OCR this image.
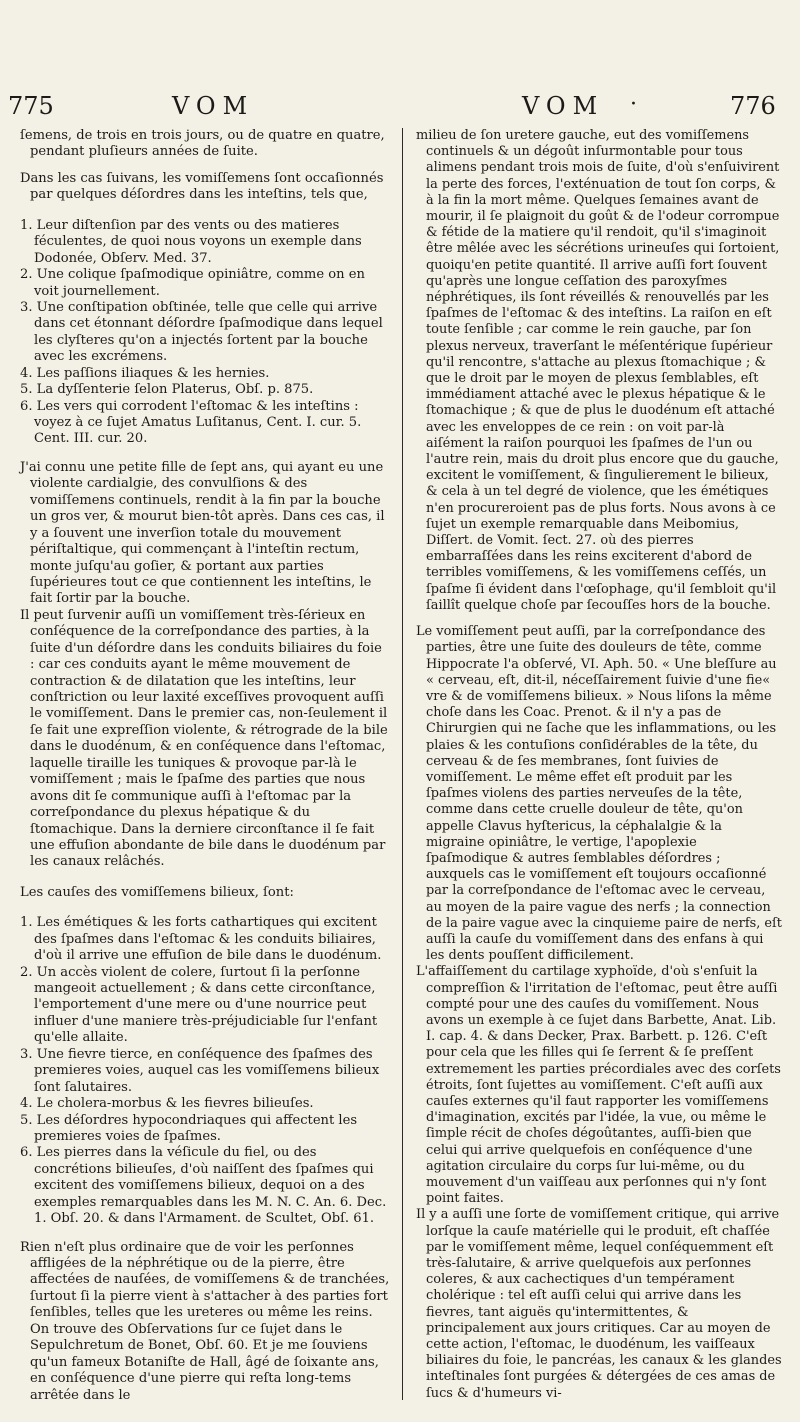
775	VOM	VOM ·	776

ſemens, de trois en trois jours, ou de quatre en quatre, pendant pluſieurs années de ſuite.

Dans les cas ſuivans, les vomiſſemens ſont occaſionnés par quelques déſordres dans les inteſtins, tels que,

1. Leur diſtenſion par des vents ou des matieres féculentes, de quoi nous voyons un exemple dans Dodonée, Obſerv. Med. 37.

2. Une colique ſpaſmodique opiniâtre, comme on en voit journellement.

3. Une conſtipation obſtinée, telle que celle qui arrive dans cet étonnant déſordre ſpaſmodique dans lequel les clyſteres qu'on a injectés ſortent par la bouche avec les excrémens.

4. Les paſſions iliaques & les hernies.

5. La dyſſenterie ſelon Platerus, Obſ. p. 875.

6. Les vers qui corrodent l'eſtomac & les inteſtins : voyez à ce ſujet Amatus Luſitanus, Cent. I. cur. 5. Cent. III. cur. 20.

J'ai connu une petite fille de ſept ans, qui ayant eu une violente cardialgie, des convulſions & des vomiſſemens continuels, rendit à la fin par la bouche un gros ver, & mourut bien-tôt après. Dans ces cas, il y a ſouvent une inverſion totale du mouvement périſtaltique, qui commençant à l'inteſtin rectum, monte juſqu'au goſier, & portant aux parties ſupérieures tout ce que contiennent les inteſtins, le fait ſortir par la bouche.

Il peut ſurvenir auſſi un vomiſſement très-ſérieux en conſéquence de la correſpondance des parties, à la ſuite d'un déſordre dans les conduits biliaires du foie : car ces conduits ayant le même mouvement de contraction & de dilatation que les inteſtins, leur conſtriction ou leur laxité exceſſives provoquent auſſi le vomiſſement. Dans le premier cas, non-ſeulement il ſe fait une expreſſion violente, & rétrograde de la bile dans le duodénum, & en conſéquence dans l'eſtomac, laquelle tiraille les tuniques & provoque par-là le vomiſſement ; mais le ſpaſme des parties que nous avons dit ſe communique auſſi à l'eſtomac par la correſpondance du plexus hépatique & du ſtomachique. Dans la derniere circonſtance il ſe fait une effuſion abondante de bile dans le duodénum par les canaux relâchés.

Les cauſes des vomiſſemens bilieux, ſont:

1. Les émétiques & les forts cathartiques qui excitent des ſpaſmes dans l'eſtomac & les conduits biliaires, d'où il arrive une effuſion de bile dans le duodénum.

2. Un accès violent de colere, ſurtout ſi la perſonne mangeoit actuellement ; & dans cette circonſtance, l'emportement d'une mere ou d'une nourrice peut influer d'une maniere très-préjudiciable ſur l'enfant qu'elle allaite.

3. Une fievre tierce, en conſéquence des ſpaſmes des premieres voies, auquel cas les vomiſſemens bilieux ſont ſalutaires.

4. Le cholera-morbus & les fievres bilieuſes.

5. Les déſordres hypocondriaques qui affectent les premieres voies de ſpaſmes.

6. Les pierres dans la véſicule du fiel, ou des concrétions bilieuſes, d'où naiſſent des ſpaſmes qui excitent des vomiſſemens bilieux, dequoi on a des exemples remarquables dans les M. N. C. An. 6. Dec. 1. Obſ. 20. & dans l'Armament. de Scultet, Obſ. 61.

Rien n'eſt plus ordinaire que de voir les perſonnes affligées de la néphrétique ou de la pierre, être affectées de nauſées, de vomiſſemens & de tranchées, ſurtout ſi la pierre vient à s'attacher à des parties fort ſenſibles, telles que les ureteres ou même les reins. On trouve des Obſervations ſur ce ſujet dans le Sepulchretum de Bonet, Obſ. 60. Et je me ſouviens qu'un fameux Botaniſte de Hall, âgé de ſoixante ans, en conſéquence d'une pierre qui reſta long-tems arrêtée dans le

milieu de ſon uretere gauche, eut des vomiſſemens continuels & un dégoût inſurmontable pour tous alimens pendant trois mois de ſuite, d'où s'enſuivirent la perte des forces, l'exténuation de tout ſon corps, & à la fin la mort même. Quelques ſemaines avant de mourir, il ſe plaignoit du goût & de l'odeur corrompue & fétide de la matiere qu'il rendoit, qu'il s'imaginoit être mêlée avec les sécrétions urineuſes qui ſortoient, quoiqu'en petite quantité. Il arrive auſſi fort ſouvent qu'après une longue ceſſation des paroxyſmes néphrétiques, ils ſont réveillés & renouvellés par les ſpaſmes de l'eſtomac & des inteſtins. La raiſon en eſt toute ſenſible ; car comme le rein gauche, par ſon plexus nerveux, traverſant le méſentérique ſupérieur qu'il rencontre, s'attache au plexus ſtomachique ; & que le droit par le moyen de plexus ſemblables, eſt immédiament attaché avec le plexus hépatique & le ſtomachique ; & que de plus le duodénum eſt attaché avec les enveloppes de ce rein : on voit par-là aiſément la raiſon pourquoi les ſpaſmes de l'un ou l'autre rein, mais du droit plus encore que du gauche, excitent le vomiſſement, & ſingulierement le bilieux, & cela à un tel degré de violence, que les émétiques n'en procureroient pas de plus forts. Nous avons à ce ſujet un exemple remarquable dans Meibomius, Diſſert. de Vomit. ſect. 27. où des pierres embarraſſées dans les reins exciterent d'abord de terribles vomiſſemens, & les vomiſſemens ceſſés, un ſpaſme ſi évident dans l'œſophage, qu'il ſembloit qu'il ſaillît quelque choſe par ſecouſſes hors de la bouche.

Le vomiſſement peut auſſi, par la correſpondance des parties, être une ſuite des douleurs de tête, comme Hippocrate l'a obſervé, VI. Aph. 50. « Une bleſſure au « cerveau, eſt, dit-il, néceſſairement ſuivie d'une fie« vre & de vomiſſemens bilieux. » Nous liſons la même choſe dans les Coac. Prenot. & il n'y a pas de Chirurgien qui ne ſache que les inflammations, ou les plaies & les contuſions conſidérables de la tête, du cerveau & de ſes membranes, ſont ſuivies de vomiſſement. Le même effet eſt produit par les ſpaſmes violens des parties nerveuſes de la tête, comme dans cette cruelle douleur de tête, qu'on appelle Clavus hyſtericus, la céphalalgie & la migraine opiniâtre, le vertige, l'apoplexie ſpaſmodique & autres ſemblables déſordres ; auxquels cas le vomiſſement eſt toujours occaſionné par la correſpondance de l'eſtomac avec le cerveau, au moyen de la paire vague des nerfs ; la connection de la paire vague avec la cinquieme paire de nerfs, eſt auſſi la cauſe du vomiſſement dans des enfans à qui les dents pouſſent difficilement.

L'affaiſſement du cartilage xyphoïde, d'où s'enſuit la compreſſion & l'irritation de l'eſtomac, peut être auſſi compté pour une des cauſes du vomiſſement. Nous avons un exemple à ce ſujet dans Barbette, Anat. Lib. I. cap. 4. & dans Decker, Prax. Barbett. p. 126. C'eſt pour cela que les filles qui ſe ſerrent & ſe preſſent extremement les parties précordiales avec des corſets étroits, ſont ſujettes au vomiſſement. C'eſt auſſi aux cauſes externes qu'il faut rapporter les vomiſſemens d'imagination, excités par l'idée, la vue, ou même le ſimple récit de choſes dégoûtantes, auſſi-bien que celui qui arrive quelquefois en conſéquence d'une agitation circulaire du corps ſur lui-même, ou du mouvement d'un vaiſſeau aux perſonnes qui n'y ſont point faites.

Il y a auſſi une ſorte de vomiſſement critique, qui arrive lorſque la cauſe matérielle qui le produit, eſt chaſſée par le vomiſſement même, lequel conſéquemment eſt très-ſalutaire, & arrive quelquefois aux perſonnes coleres, & aux cachectiques d'un tempérament cholérique : tel eſt auſſi celui qui arrive dans les fievres, tant aiguës qu'intermittentes, & principalement aux jours critiques. Car au moyen de cette action, l'eſtomac, le duodénum, les vaiſſeaux biliaires du foie, le pancréas, les canaux & les glandes inteſtinales ſont purgées & détergées de ces amas de ſucs & d'humeurs vi-
